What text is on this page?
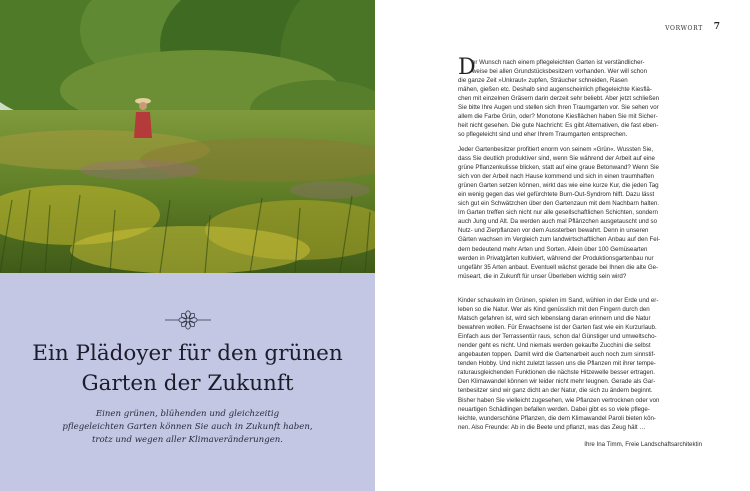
Ein Plädoyer für den grünen
Garten der Zukunft
Einen grünen, blühenden und gleichzeitig
pflegeleichten Garten können Sie auch in Zukunft haben,
trotz und wegen aller Klimaveränderungen.
VORWORT 7
D
er Wunsch nach einem pflegeleichten Garten ist verständlicher-
weise bei allen Grundstücksbesitzern vorhanden. Wer will schon
die ganze Zeit »Unkraut« zupfen, Sträucher schneiden, Rasen
mähen, gießen etc. Deshalb sind augenscheinlich pflegeleichte Kiesflä-
chen mit einzelnen Gräsern darin derzeit sehr beliebt. Aber jetzt schließen
Sie bitte Ihre Augen und stellen sich Ihren Traumgarten vor. Sie sehen vor
allem die Farbe Grün, oder? Monotone Kiesflächen haben Sie mit Sicher-
heit nicht gesehen. Die gute Nachricht: Es gibt Alternativen, die fast eben-
so pflegeleicht sind und eher Ihrem Traumgarten entsprechen.
Jeder Gartenbesitzer profitiert enorm von seinem »Grün«. Wussten Sie,
dass Sie deutlich produktiver sind, wenn Sie während der Arbeit auf eine
grüne Pflanzenkulisse blicken, statt auf eine graue Betonwand? Wenn Sie
sich von der Arbeit nach Hause kommend und sich in einen traumhaften
grünen Garten setzen können, wirkt das wie eine kurze Kur, die jeden Tag
ein wenig gegen das viel gefürchtete Burn-Out-Syndrom hilft. Dazu lässt
sich gut ein Schwätzchen über den Gartenzaun mit dem Nachbarn halten.
Im Garten treffen sich nicht nur alle gesellschaftlichen Schichten, sondern
auch Jung und Alt. Da werden auch mal Pflänzchen ausgetauscht und so
Nutz- und Zierpflanzen vor dem Aussterben bewahrt. Denn in unseren
Gärten wachsen im Vergleich zum landwirtschaftlichen Anbau auf den Fel-
dern bedeutend mehr Arten und Sorten. Allein über 100 Gemüsearten
werden in Privatgärten kultiviert, während der Produktionsgartenbau nur
ungefähr 35 Arten anbaut. Eventuell wächst gerade bei Ihnen die alte Ge-
müseart, die in Zukunft für unser Überleben wichtig sein wird?
Kinder schaukeln im Grünen, spielen im Sand, wühlen in der Erde und er-
leben so die Natur. Wer als Kind genüsslich mit den Fingern durch den
Matsch gefahren ist, wird sich lebenslang daran erinnern und die Natur
bewahren wollen. Für Erwachsene ist der Garten fast wie ein Kurzurlaub.
Einfach aus der Terrassentür raus, schon da! Günstiger und umweltscho-
nender geht es nicht. Und niemals werden gekaufte Zucchini die selbst
angebauten toppen. Damit wird die Gartenarbeit auch noch zum sinnstif-
tenden Hobby. Und nicht zuletzt lassen uns die Pflanzen mit ihrer tempe-
raturausgleichenden Funktionen die nächste Hitzewelle besser ertragen.
Den Klimawandel können wir leider nicht mehr leugnen. Gerade als Gar-
tenbesitzer sind wir ganz dicht an der Natur, die sich zu ändern beginnt.
Bisher haben Sie vielleicht zugesehen, wie Pflanzen vertrocknen oder von
neuartigen Schädlingen befallen werden. Dabei gibt es so viele pflege-
leichte, wunderschöne Pflanzen, die dem Klimawandel Paroli bieten kön-
nen. Also Freunde: Ab in die Beete und pflanzt, was das Zeug hält …
Ihre Ina Timm, Freie Landschaftsarchitektin
